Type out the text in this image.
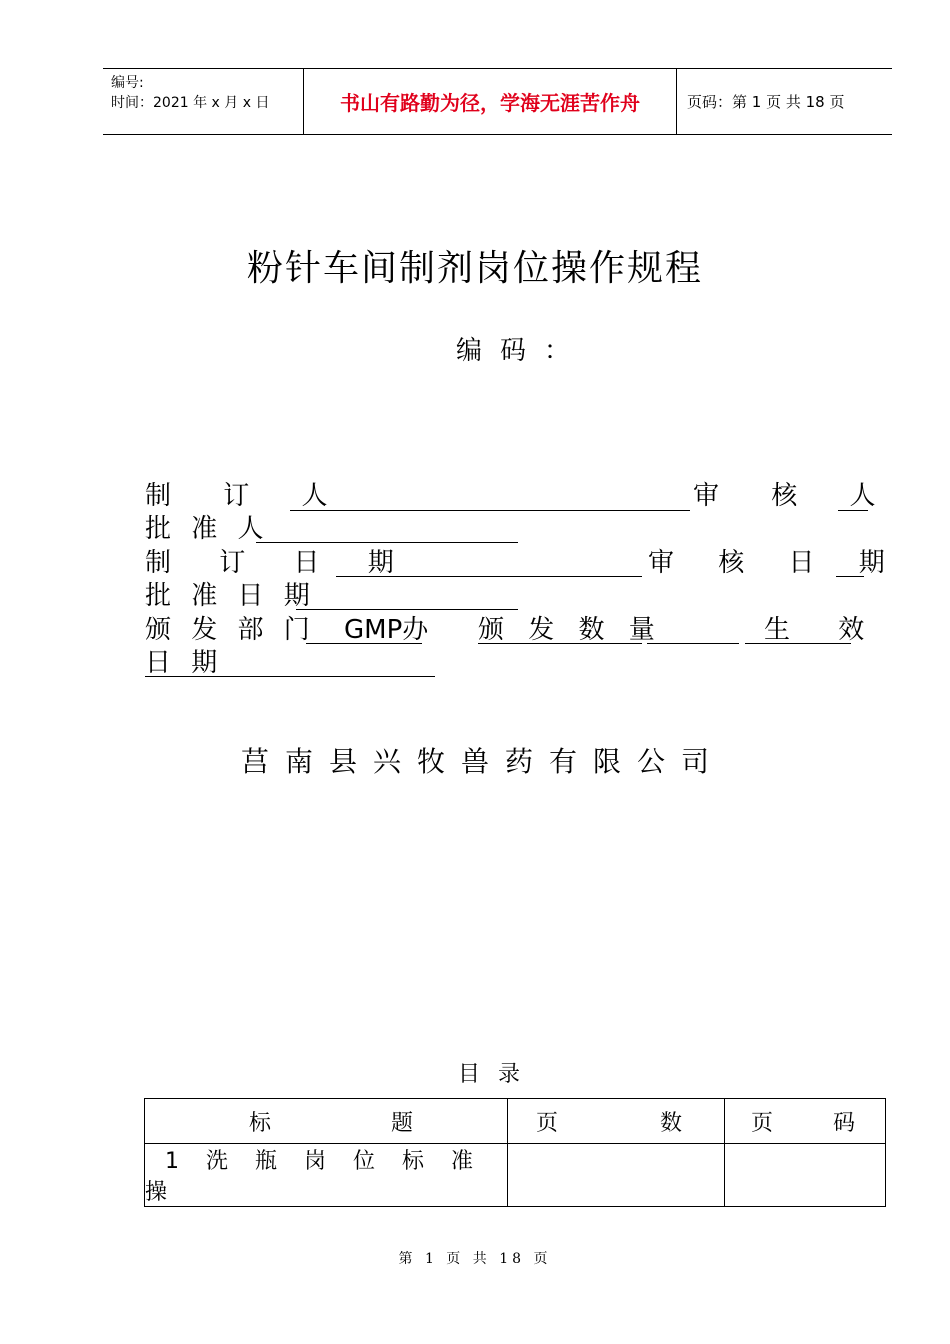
编号:
时间：2021 年 x 月 x 日	书山有路勤为径，学海无涯苦作舟	页码：第 1 页 共 18 页
粉针车间制剂岗位操作规程
编码：
制 订 人	审 核 人
批 准 人
制 订 日 期	审 核 日 期
批 准 日 期
颁 发 部 门 GMP办 颁 发 数 量	生 效
日 期
莒南县兴牧兽药有限公司
目录
标 题	页 数	页 码

1 洗 瓶 岗 位 标 准 操		
第 1 页 共 18 页
